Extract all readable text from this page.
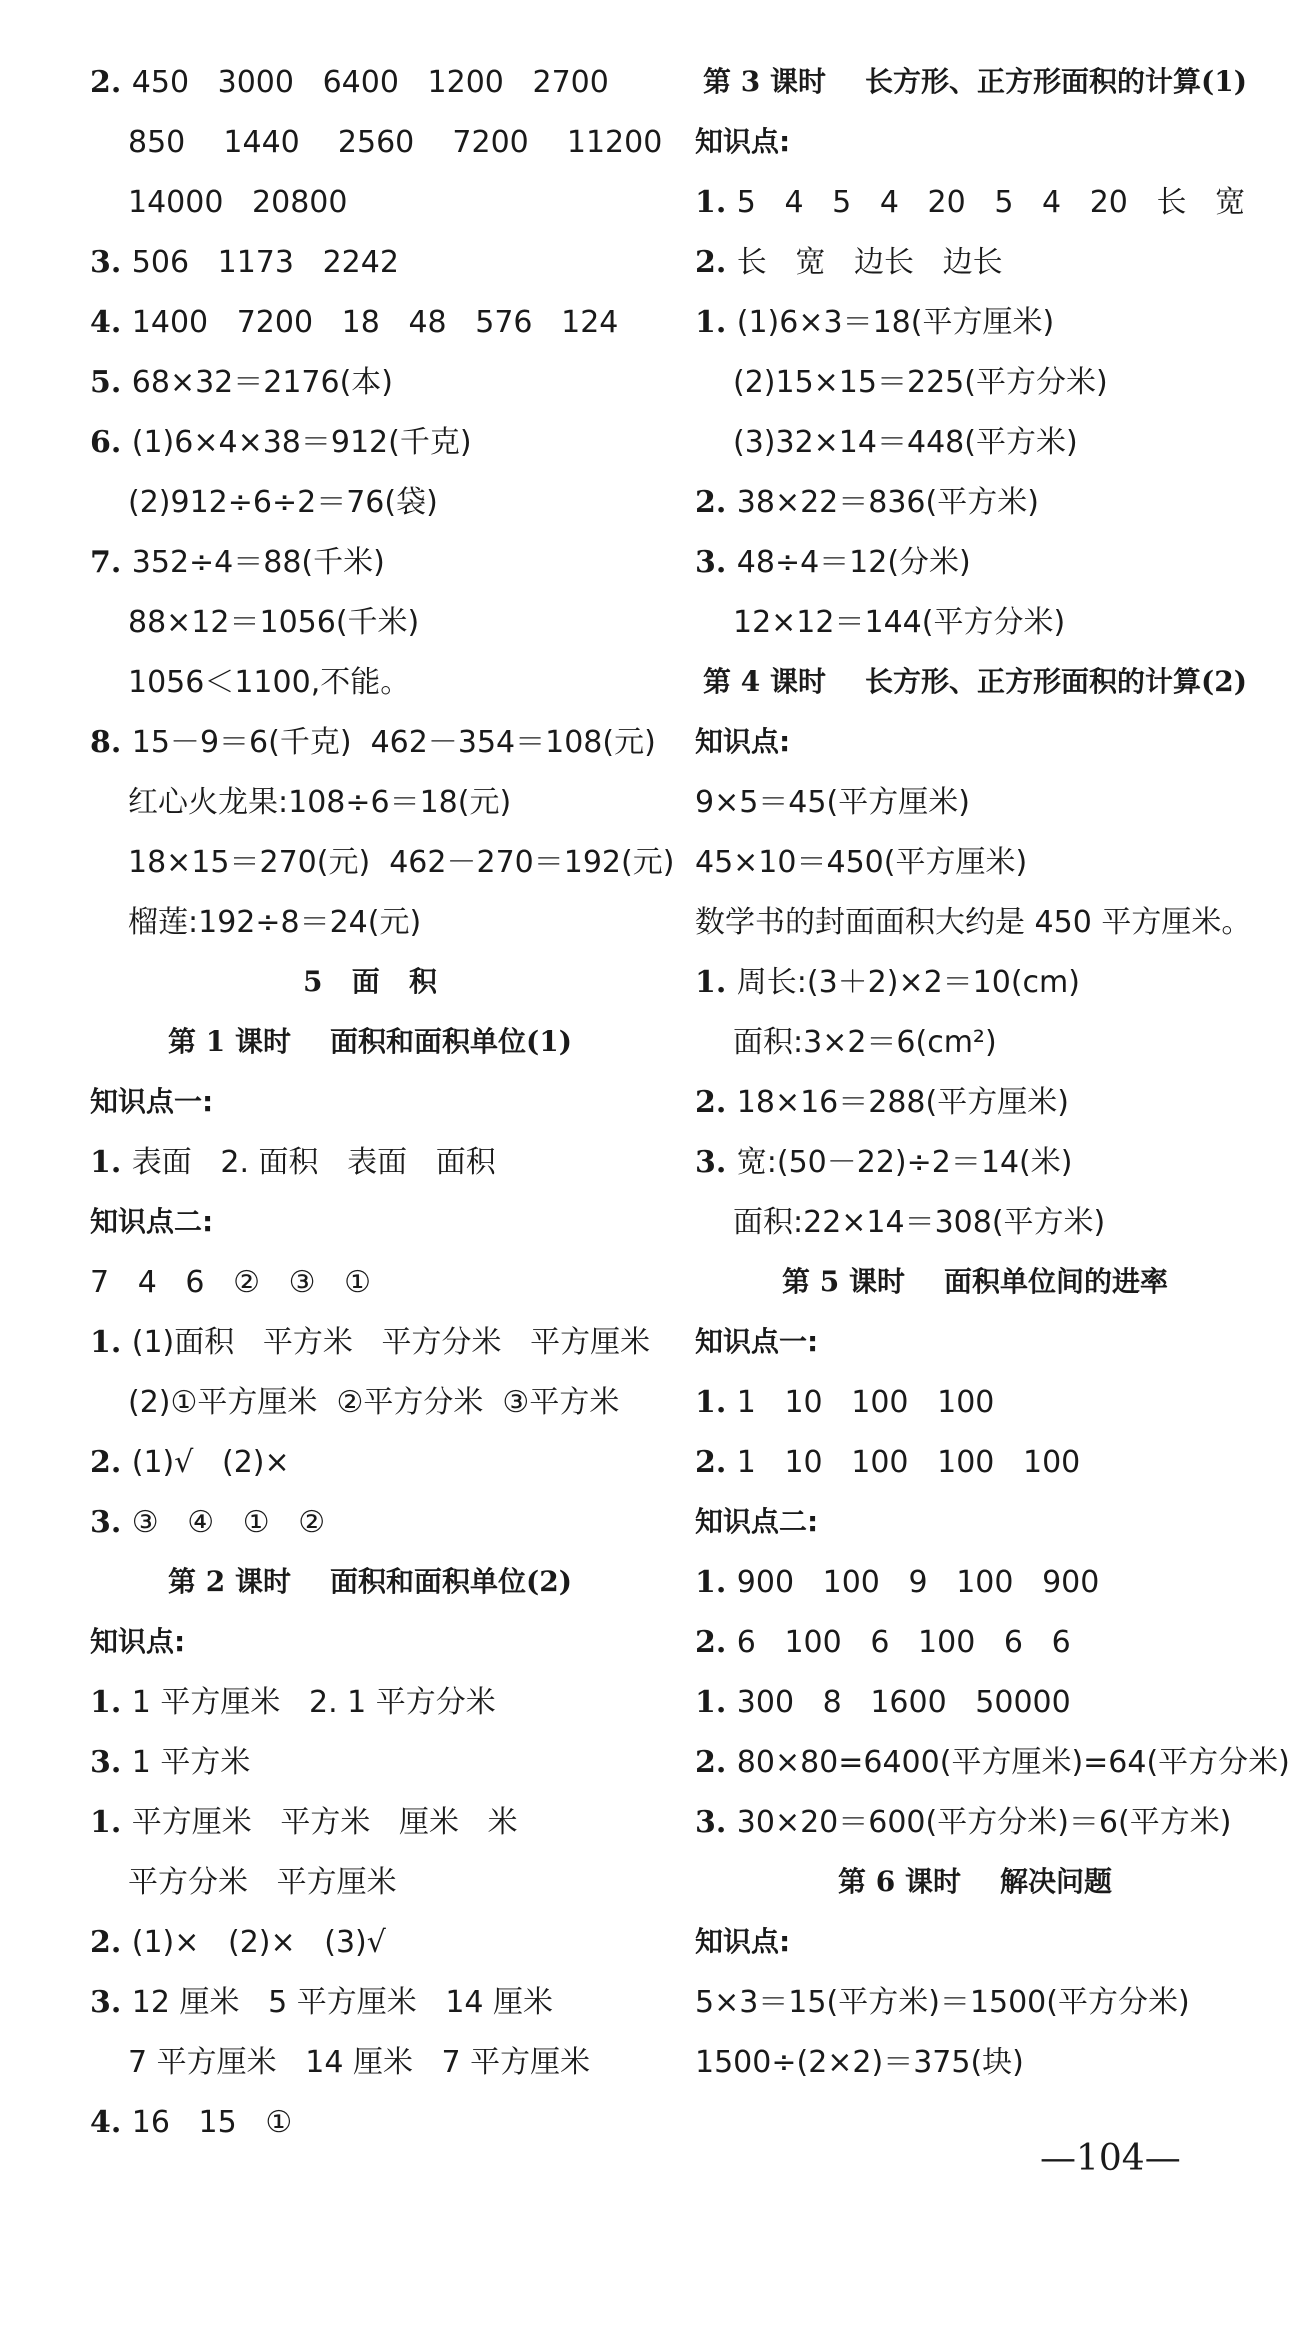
2. 450   3000   6400   1200   2700
850    1440    2560    7200    11200
14000   20800
3. 506   1173   2242
4. 1400   7200   18   48   576   124
5. 68×32＝2176(本)
6. (1)6×4×38＝912(千克)
(2)912÷6÷2＝76(袋)
7. 352÷4＝88(千米)
88×12＝1056(千米)
1056＜1100,不能。
8. 15－9＝6(千克)  462－354＝108(元)
红心火龙果:108÷6＝18(元)
18×15＝270(元)  462－270＝192(元)
榴莲:192÷8＝24(元)
5   面   积
第 1 课时    面积和面积单位(1)
知识点一:
1. 表面   2. 面积   表面   面积
知识点二:
7   4   6   ②   ③   ①
1. (1)面积   平方米   平方分米   平方厘米
(2)①平方厘米  ②平方分米  ③平方米
2. (1)√   (2)×
3. ③   ④   ①   ②
第 2 课时    面积和面积单位(2)
知识点:
1. 1 平方厘米   2. 1 平方分米
3. 1 平方米
1. 平方厘米   平方米   厘米   米
平方分米   平方厘米
2. (1)×   (2)×   (3)√
3. 12 厘米   5 平方厘米   14 厘米
7 平方厘米   14 厘米   7 平方厘米
4. 16   15   ①
第 3 课时    长方形、正方形面积的计算(1)
知识点:
1. 5   4   5   4   20   5   4   20   长   宽
2. 长   宽   边长   边长
1. (1)6×3＝18(平方厘米)
(2)15×15＝225(平方分米)
(3)32×14＝448(平方米)
2. 38×22＝836(平方米)
3. 48÷4＝12(分米)
12×12＝144(平方分米)
第 4 课时    长方形、正方形面积的计算(2)
知识点:
9×5＝45(平方厘米)
45×10＝450(平方厘米)
数学书的封面面积大约是 450 平方厘米。
1. 周长:(3＋2)×2＝10(cm)
面积:3×2＝6(cm²)
2. 18×16＝288(平方厘米)
3. 宽:(50－22)÷2＝14(米)
面积:22×14＝308(平方米)
第 5 课时    面积单位间的进率
知识点一:
1. 1   10   100   100
2. 1   10   100   100   100
知识点二:
1. 900   100   9   100   900
2. 6   100   6   100   6   6
1. 300   8   1600   50000
2. 80×80=6400(平方厘米)=64(平方分米)
3. 30×20＝600(平方分米)＝6(平方米)
第 6 课时    解决问题
知识点:
5×3＝15(平方米)＝1500(平方分米)
1500÷(2×2)＝375(块)
—104—
